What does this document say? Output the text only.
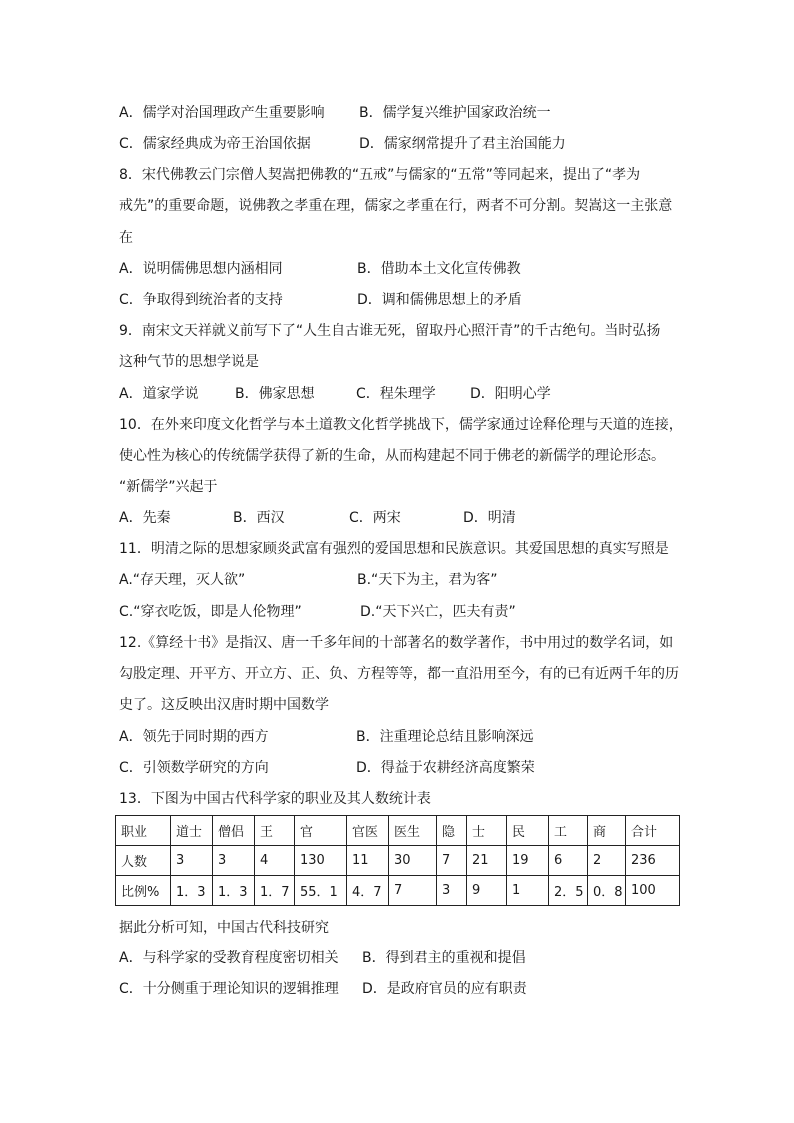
A．儒学对治国理政产生重要影响 B．儒学复兴维护国家政治统一
C．儒家经典成为帝王治国依据	D．儒家纲常提升了君主治国能力
8．宋代佛教云门宗僧人契嵩把佛教的“五戒”与儒家的“五常”等同起来，提出了“孝为
戒先”的重要命题，说佛教之孝重在理，儒家之孝重在行，两者不可分割。契嵩这一主张意
在
A．说明儒佛思想内涵相同	B．借助本土文化宣传佛教
C．争取得到统治者的支持	D．调和儒佛思想上的矛盾
9．南宋文天祥就义前写下了“人生自古谁无死，留取丹心照汗青”的千古绝句。当时弘扬
这种气节的思想学说是
A．道家学说	B．佛家思想	C．程朱理学 D．阳明心学
10．在外来印度文化哲学与本土道教文化哲学挑战下，儒学家通过诠释伦理与天道的连接，
使心性为核心的传统儒学获得了新的生命，从而构建起不同于佛老的新儒学的理论形态。
“新儒学”兴起于
A．先秦	B．西汉	C．两宋	D．明清
11．明清之际的思想家顾炎武富有强烈的爱国思想和民族意识。其爱国思想的真实写照是
A.“存天理，灭人欲”	B.“天下为主，君为客”
C.“穿衣吃饭，即是人伦物理”	D.“天下兴亡，匹夫有责”
12.《算经十书》是指汉、唐一千多年间的十部著名的数学著作，书中用过的数学名词，如
勾股定理、开平方、开立方、正、负、方程等等，都一直沿用至今，有的已有近两千年的历
史了。这反映出汉唐时期中国数学
A．领先于同时期的西方	B．注重理论总结且影响深远
C．引领数学研究的方向	D．得益于农耕经济高度繁荣
13．下图为中国古代科学家的职业及其人数统计表
职业	道士	僧侣	王	官	官医	医生	隐	士	民	工	商	合计
人数	3	3	4	130	11	30	7	21	19	6	2	236
比例%	1．3	1．3	1．7	55．1	4．7	7	3	9	1	2．5	0．8	100
据此分析可知，中国古代科技研究
A．与科学家的受教育程度密切相关 B．得到君主的重视和提倡
C．十分侧重于理论知识的逻辑推理 D．是政府官员的应有职责
